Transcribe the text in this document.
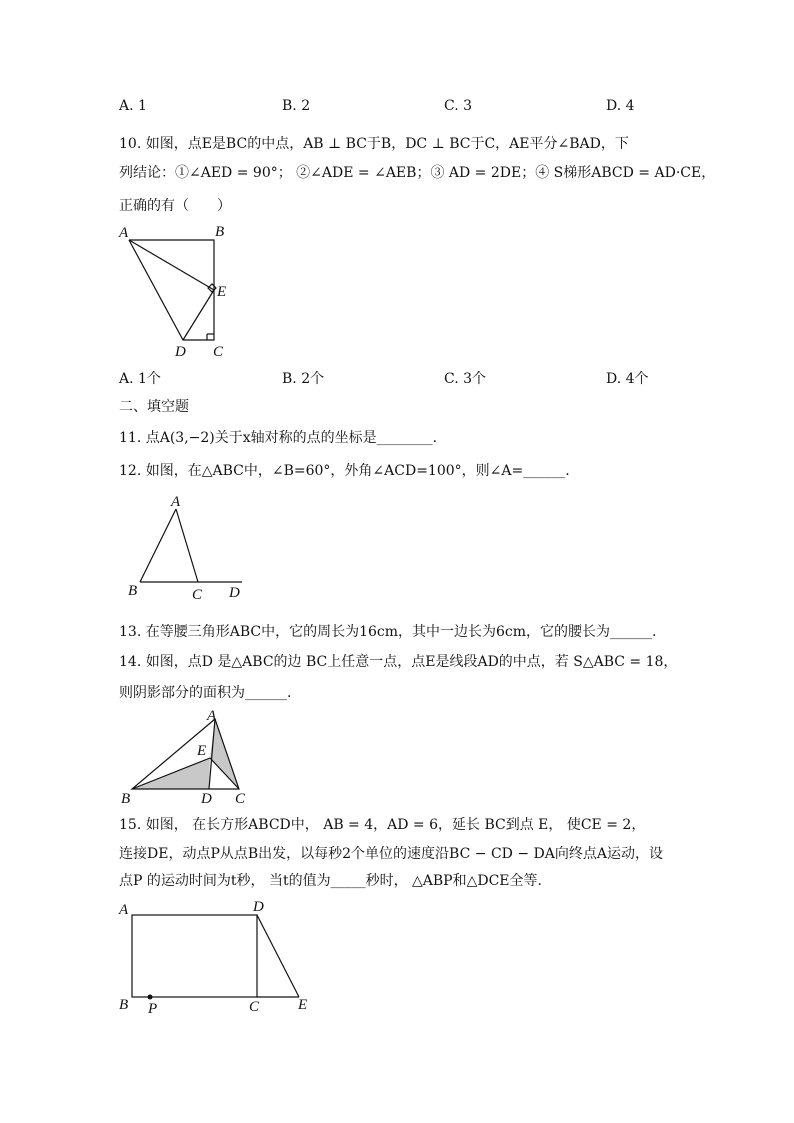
A. 1	B. 2	C. 3	D. 4
10. 如图，点E是BC的中点，AB ⊥ BC于B，DC ⊥ BC于C，AE平分∠BAD，下
列结论：①∠AED = 90°； ②∠ADE = ∠AEB；③ AD = 2DE；④ S梯形ABCD = AD·CE，
正确的有（　　）
A	B
E
D C
A. 1个	B. 2个	C. 3个	D. 4个
二、填空题
11. 点A(3,−2)关于x轴对称的点的坐标是________.
12. 如图，在△ABC中，∠B=60°，外角∠ACD=100°，则∠A=______.
A
B	C D
13. 在等腰三角形ABC中，它的周长为16cm，其中一边长为6cm，它的腰长为______.
14. 如图，点D 是△ABC的边 BC上任意一点，点E是线段AD的中点，若 S△ABC = 18，
则阴影部分的面积为______.
A
E
B	D C
15. 如图， 在长方形ABCD中， AB = 4，AD = 6，延长 BC到点 E， 使CE = 2，
连接DE，动点P从点B出发，以每秒2个单位的速度沿BC − CD − DA向终点A运动，设
点P 的运动时间为t秒， 当t的值为_____秒时， △ABP和△DCE全等.
A	D
B P	C	E
